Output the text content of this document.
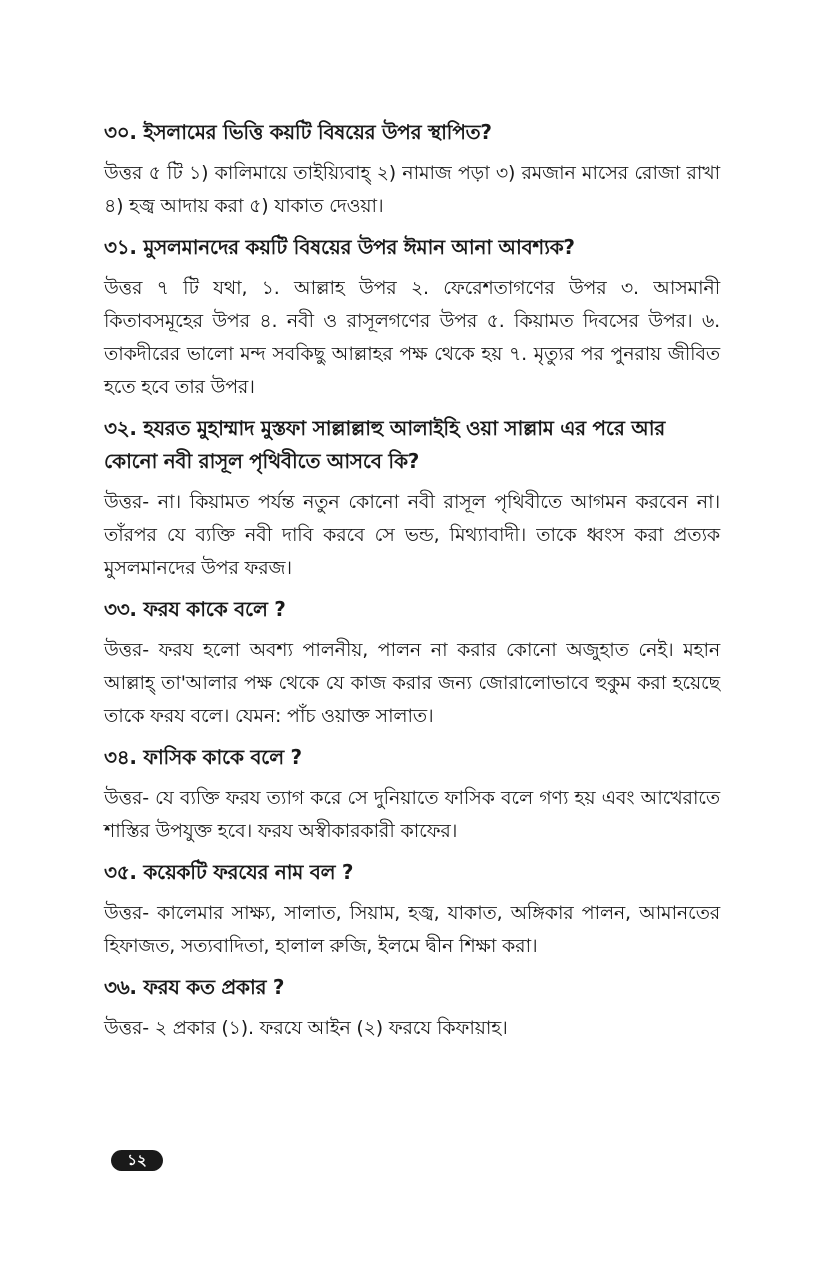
৩০. ইসলামের ভিত্তি কয়টি বিষয়ের উপর স্থাপিত?

উত্তর ৫ টি ১) কালিমায়ে তাইয়্যিবাহ্ ২) নামাজ পড়া ৩) রমজান মাসের রোজা রাখা ৪) হজ্ব আদায় করা ৫) যাকাত দেওয়া।

৩১. মুসলমানদের কয়টি বিষয়ের উপর ঈমান আনা আবশ্যক?

উত্তর ৭ টি যথা, ১. আল্লাহ উপর ২. ফেরেশতাগণের উপর ৩. আসমানী কিতাবসমূহের উপর ৪. নবী ও রাসূলগণের উপর ৫. কিয়ামত দিবসের উপর। ৬. তাকদীরের ভালো মন্দ সবকিছু আল্লাহর পক্ষ থেকে হয় ৭. মৃত্যুর পর পুনরায় জীবিত হতে হবে তার উপর।

৩২. হযরত মুহাম্মাদ মুস্তফা সাল্লাল্লাহু আলাইহি ওয়া সাল্লাম এর পরে আর কোনো নবী রাসূল পৃথিবীতে আসবে কি?

উত্তর- না। কিয়ামত পর্যন্ত নতুন কোনো নবী রাসূল পৃথিবীতে আগমন করবেন না। তাঁরপর যে ব্যক্তি নবী দাবি করবে সে ভন্ড, মিথ্যাবাদী। তাকে ধ্বংস করা প্রত্যক মুসলমানদের উপর ফরজ।

৩৩. ফরয কাকে বলে ?

উত্তর- ফরয হলো অবশ্য পালনীয়, পালন না করার কোনো অজুহাত নেই। মহান আল্লাহ্ তা'আলার পক্ষ থেকে যে কাজ করার জন্য জোরালোভাবে হুকুম করা হয়েছে তাকে ফরয বলে। যেমন: পাঁচ ওয়াক্ত সালাত।

৩৪. ফাসিক কাকে বলে ?

উত্তর- যে ব্যক্তি ফরয ত্যাগ করে সে দুনিয়াতে ফাসিক বলে গণ্য হয় এবং আখেরাতে শাস্তির উপযুক্ত হবে। ফরয অস্বীকারকারী কাফের।

৩৫. কয়েকটি ফরযের নাম বল ?

উত্তর- কালেমার সাক্ষ্য, সালাত, সিয়াম, হজ্ব, যাকাত, অঙ্গিকার পালন, আমানতের হিফাজত, সত্যবাদিতা, হালাল রুজি, ইলমে দ্বীন শিক্ষা করা।

৩৬. ফরয কত প্রকার ?

উত্তর- ২ প্রকার (১). ফরযে আইন (২) ফরযে কিফায়াহ।

১২
